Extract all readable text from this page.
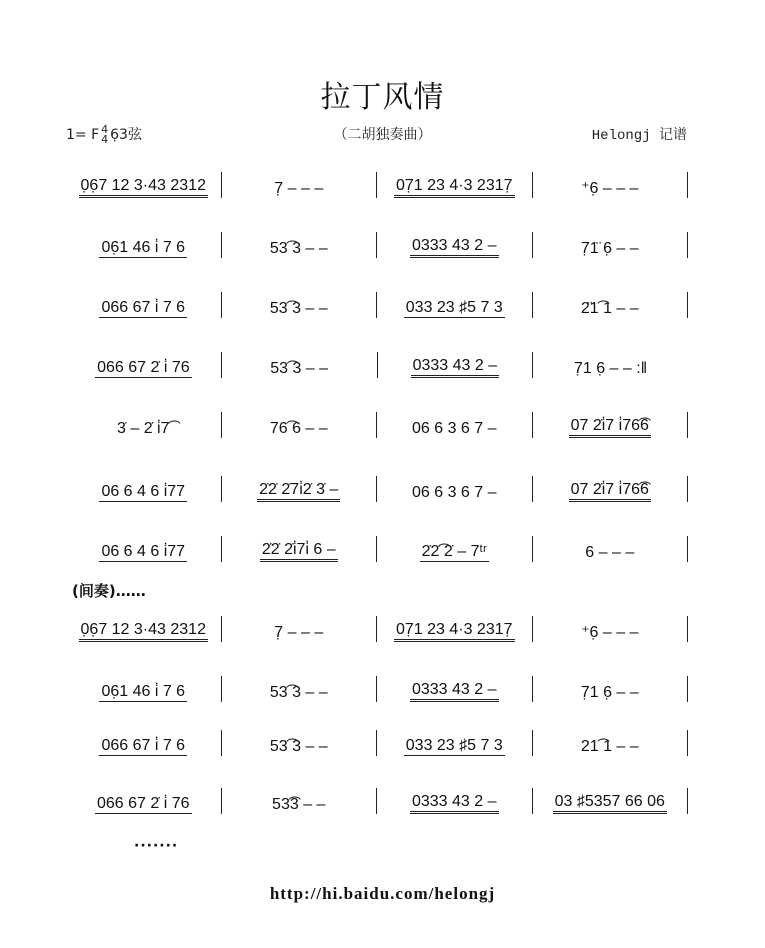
拉丁风情
1= F 4
4 6̣3弦	（二胡独奏曲）	Helongj 记谱
0̣6̣7 12 3·43 2312	7̣ – – –	07̣1 23 4·3 2317̣	⁺6̣ – – –
06̣1 46 i̇ 7 6	53͡ 3 – –	0333 43 2 –	7̣1̈ 6̣ – –
066 67 i̇ 7 6	53͡ 3 – –	033 23 ♯5 7 3	2̈1͡ 1 – –
066 67 2̇ i̇ 76	53͡ 3 – –	0333 43 2 –	7̣1 6̣ – – :‖
3̇ – 2̇ i̇7͡	76͡ 6 – –	06 6 3 6 7 –	07 2̇i̇7 i̇76͡6
06 6 4 6 i̇77	2̇2̇ 2̇7i̇2̇ 3̇ –	06 6 3 6 7 –	07 2̇i̇7 i̇76͡6
06 6 4 6 i̇77	2̇2̇ 2̇i̇7i̇ 6 –	2̇2̇͡ 2̇ – 7ᵗʳ	6 – – –
(间奏)……
0̣6̣7 12 3·43 2312	7̣ – – –	07̣1 23 4·3 2317̣	⁺6̣ – – –
06̣1 46 i̇ 7 6	53͡ 3 – –	0333 43 2 –	7̣1 6̣ – –
066 67 i̇ 7 6	53͡ 3 – –	033 23 ♯5 7 3	21͡ 1 – –
066 67 2̇ i̇ 76	53͡3 – –	0333 43 2 –	03 ♯5357 66 06
·······
http://hi.baidu.com/helongj
